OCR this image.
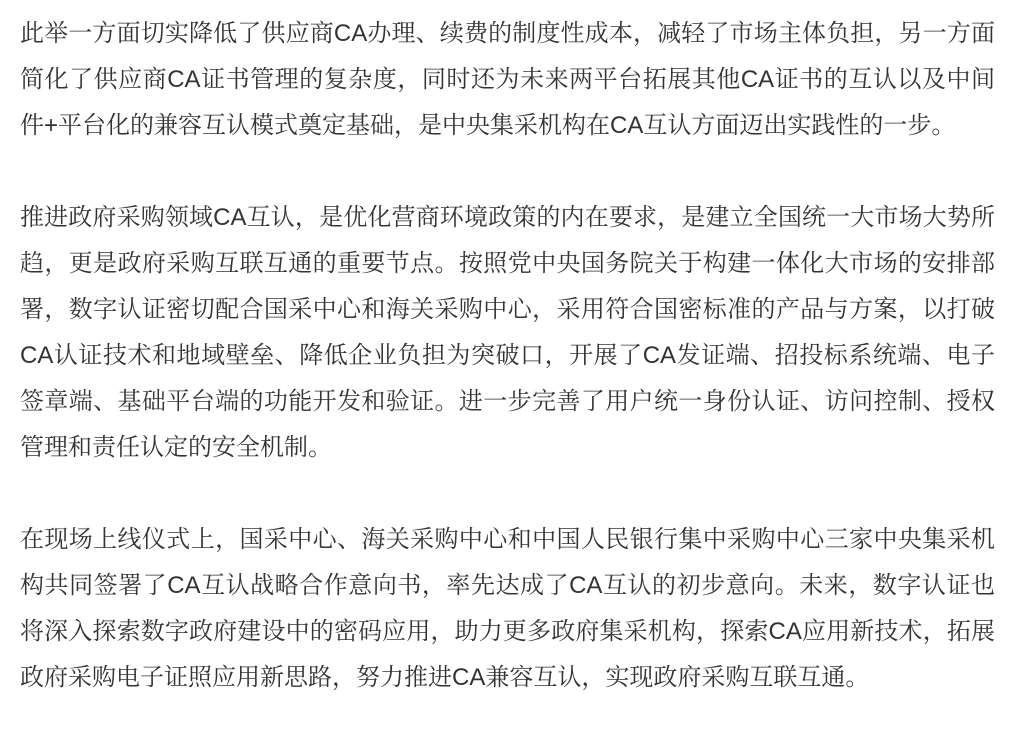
此举一方面切实降低了供应商CA办理、续费的制度性成本，减轻了市场主体负担，另一方面简化了供应商CA证书管理的复杂度，同时还为未来两平台拓展其他CA证书的互认以及中间件+平台化的兼容互认模式奠定基础，是中央集采机构在CA互认方面迈出实践性的一步。

推进政府采购领域CA互认，是优化营商环境政策的内在要求，是建立全国统一大市场大势所趋，更是政府采购互联互通的重要节点。按照党中央国务院关于构建一体化大市场的安排部署，数字认证密切配合国采中心和海关采购中心，采用符合国密标准的产品与方案，以打破CA认证技术和地域壁垒、降低企业负担为突破口，开展了CA发证端、招投标系统端、电子签章端、基础平台端的功能开发和验证。进一步完善了用户统一身份认证、访问控制、授权管理和责任认定的安全机制。

在现场上线仪式上，国采中心、海关采购中心和中国人民银行集中采购中心三家中央集采机构共同签署了CA互认战略合作意向书，率先达成了CA互认的初步意向。未来，数字认证也将深入探索数字政府建设中的密码应用，助力更多政府集采机构，探索CA应用新技术，拓展政府采购电子证照应用新思路，努力推进CA兼容互认，实现政府采购互联互通。
